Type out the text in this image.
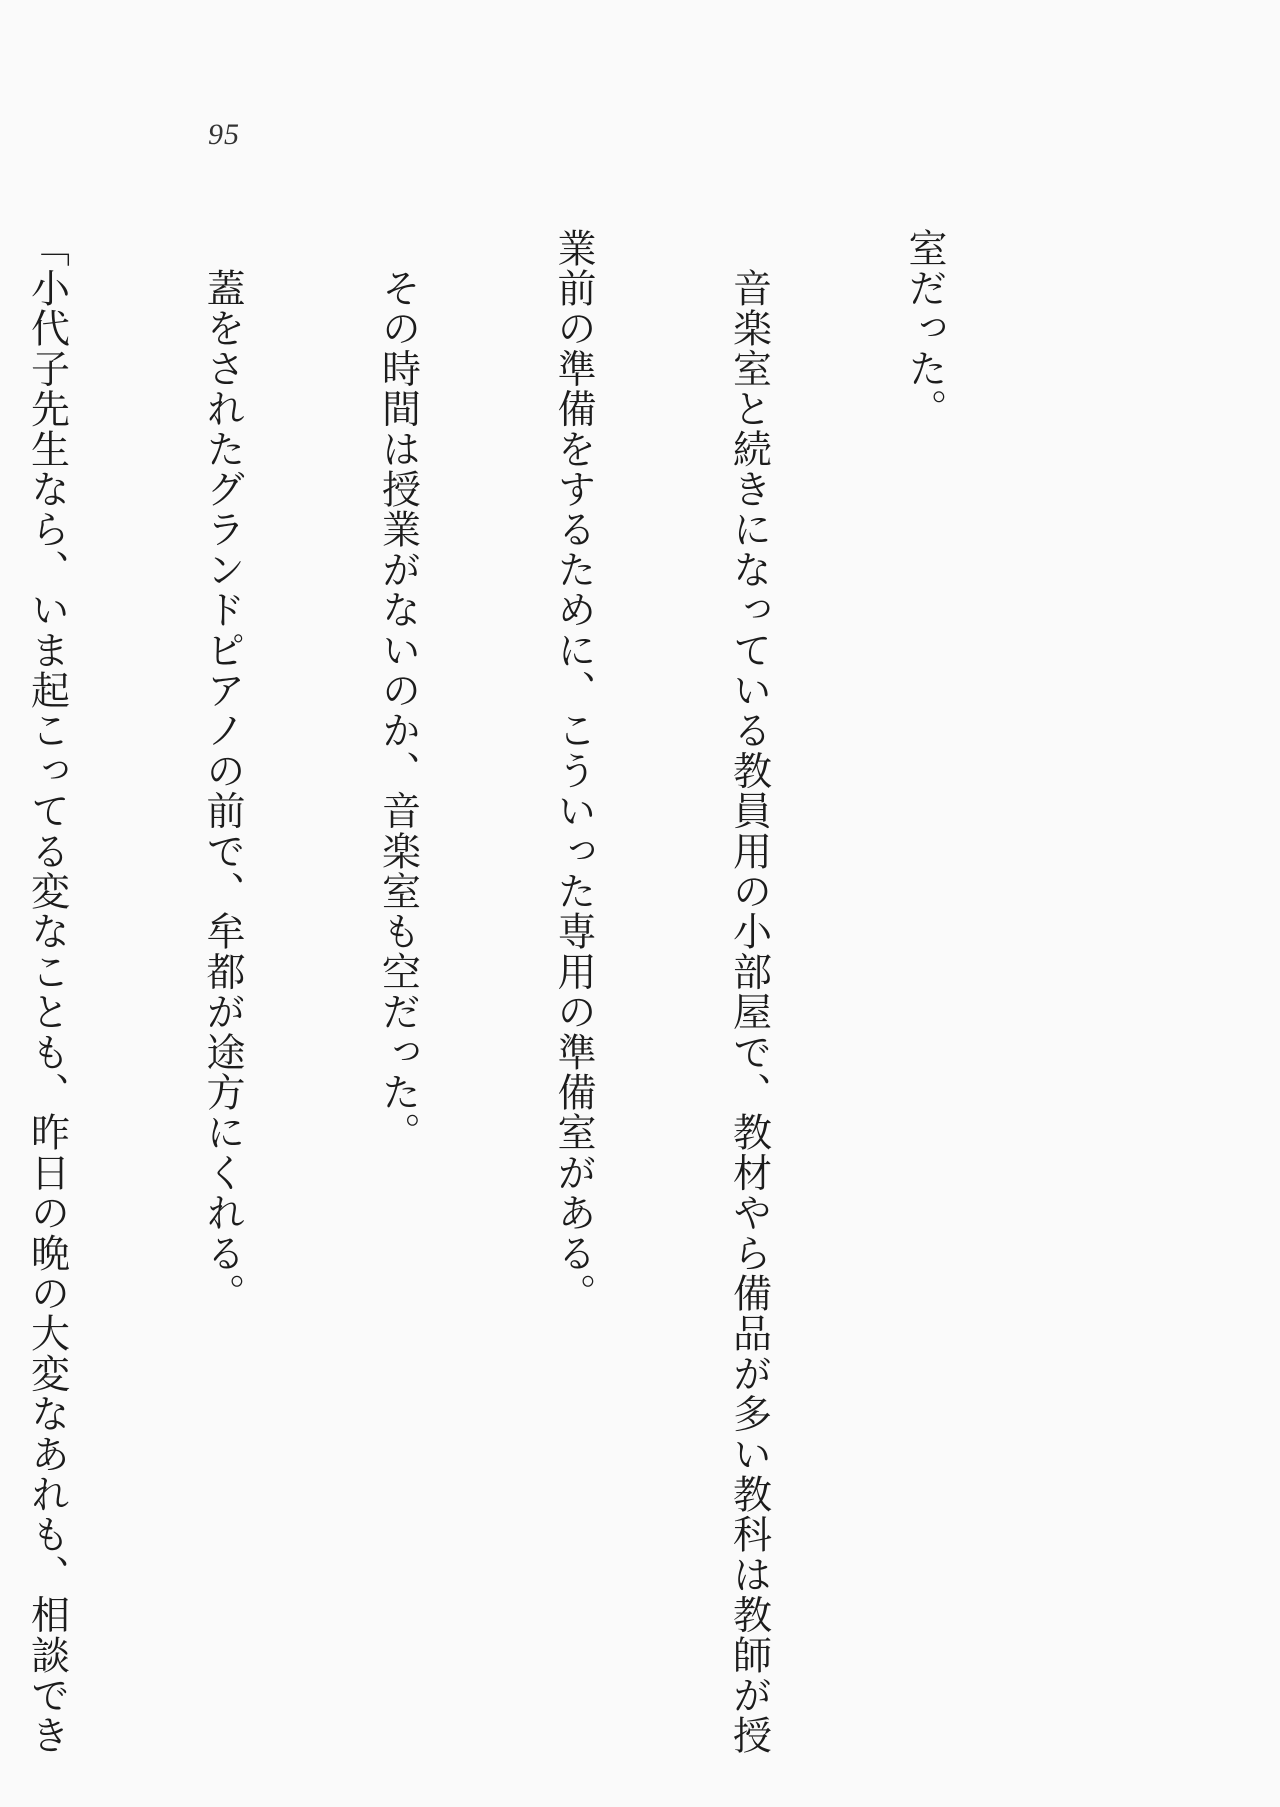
95

室だった。

　音楽室と続きになっている教員用の小部屋で、教材やら備品が多い教科は教師が授

業前の準備をするために、こういった専用の準備室がある。

　その時間は授業がないのか、音楽室も空だった。

　蓋をされたグランドピアノの前で、牟都が途方にくれる。

「小代子先生なら、いま起こってる変なことも、昨日の晩の大変なあれも、相談でき
